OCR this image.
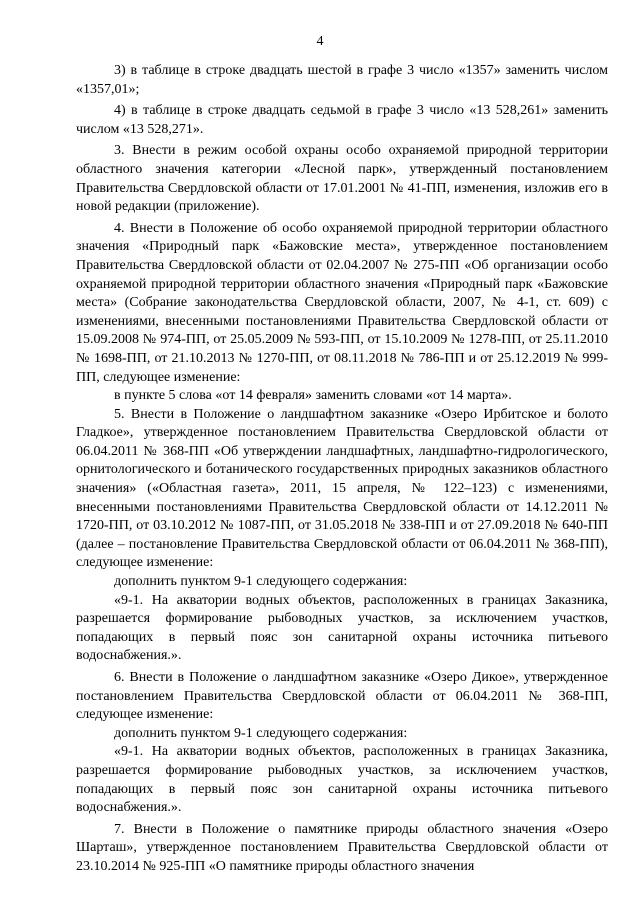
4

3) в таблице в строке двадцать шестой в графе 3 число «1357» заменить числом «1357,01»;

4) в таблице в строке двадцать седьмой в графе 3 число «13 528,261» заменить числом «13 528,271».

3. Внести в режим особой охраны особо охраняемой природной территории областного значения категории «Лесной парк», утвержденный постановлением Правительства Свердловской области от 17.01.2001 № 41-ПП, изменения, изложив его в новой редакции (приложение).

4. Внести в Положение об особо охраняемой природной территории областного значения «Природный парк «Бажовские места», утвержденное постановлением Правительства Свердловской области от 02.04.2007 № 275-ПП «Об организации особо охраняемой природной территории областного значения «Природный парк «Бажовские места» (Собрание законодательства Свердловской области, 2007, № 4-1, ст. 609) с изменениями, внесенными постановлениями Правительства Свердловской области от 15.09.2008 № 974-ПП, от 25.05.2009 № 593-ПП, от 15.10.2009 № 1278-ПП, от 25.11.2010 № 1698-ПП, от 21.10.2013 № 1270-ПП, от 08.11.2018 № 786-ПП и от 25.12.2019 № 999-ПП, следующее изменение:

в пункте 5 слова «от 14 февраля» заменить словами «от 14 марта».

5. Внести в Положение о ландшафтном заказнике «Озеро Ирбитское и болото Гладкое», утвержденное постановлением Правительства Свердловской области от 06.04.2011 № 368-ПП «Об утверждении ландшафтных, ландшафтно-гидрологического, орнитологического и ботанического государственных природных заказников областного значения» («Областная газета», 2011, 15 апреля, № 122–123) с изменениями, внесенными постановлениями Правительства Свердловской области от 14.12.2011 № 1720-ПП, от 03.10.2012 № 1087-ПП, от 31.05.2018 № 338-ПП и от 27.09.2018 № 640-ПП (далее – постановление Правительства Свердловской области от 06.04.2011 № 368-ПП), следующее изменение:

дополнить пунктом 9-1 следующего содержания:

«9-1. На акватории водных объектов, расположенных в границах Заказника, разрешается формирование рыбоводных участков, за исключением участков, попадающих в первый пояс зон санитарной охраны источника питьевого водоснабжения.».

6. Внести в Положение о ландшафтном заказнике «Озеро Дикое», утвержденное постановлением Правительства Свердловской области от 06.04.2011 № 368-ПП, следующее изменение:

дополнить пунктом 9-1 следующего содержания:

«9-1. На акватории водных объектов, расположенных в границах Заказника, разрешается формирование рыбоводных участков, за исключением участков, попадающих в первый пояс зон санитарной охраны источника питьевого водоснабжения.».

7. Внести в Положение о памятнике природы областного значения «Озеро Шарташ», утвержденное постановлением Правительства Свердловской области от 23.10.2014 № 925-ПП «О памятнике природы областного значения
